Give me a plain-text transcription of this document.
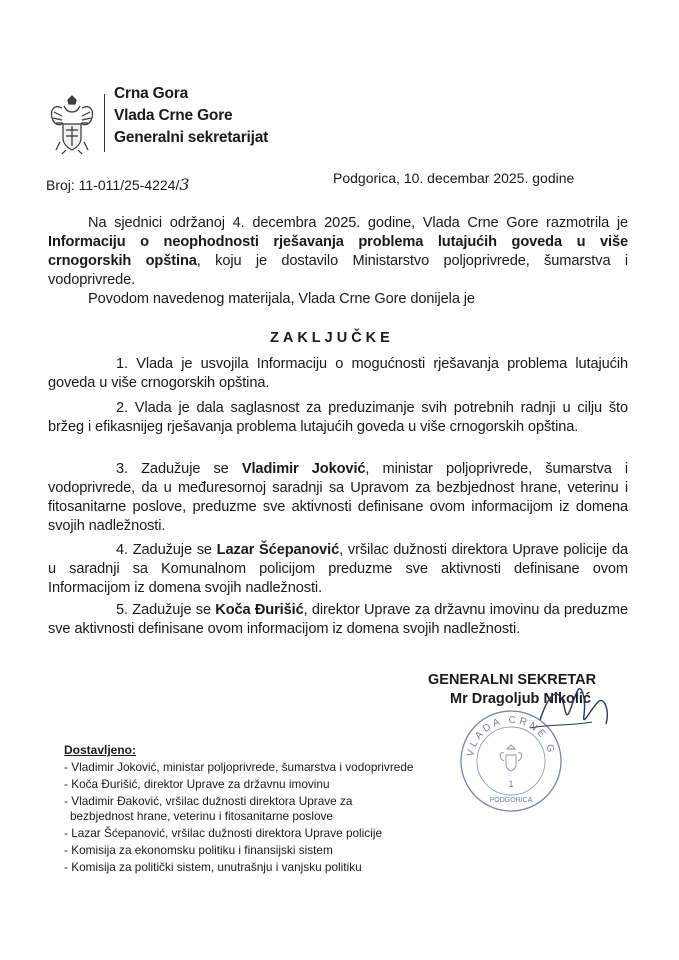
Crna Gora
Vlada Crne Gore
Generalni sekretarijat
Broj: 11-011/25-4224/3	Podgorica, 10. decembar 2025. godine
Na sjednici održanoj 4. decembra 2025. godine, Vlada Crne Gore razmotrila je Informaciju o neophodnosti rješavanja problema lutajućih goveda u više crnogorskih opština, koju je dostavilo Ministarstvo poljoprivrede, šumarstva i vodoprivrede.
Povodom navedenog materijala, Vlada Crne Gore donijela je
ZAKLJUČKE
1. Vlada je usvojila Informaciju o mogućnosti rješavanja problema lutajućih goveda u više crnogorskih opština.
2. Vlada je dala saglasnost za preduzimanje svih potrebnih radnji u cilju što bržeg i efikasnijeg rješavanja problema lutajućih goveda u više crnogorskih opština.
3. Zadužuje se Vladimir Joković, ministar poljoprivrede, šumarstva i vodoprivrede, da u međuresornoj saradnji sa Upravom za bezbjednost hrane, veterinu i fitosanitarne poslove, preduzme sve aktivnosti definisane ovom informacijom iz domena svojih nadležnosti.
4. Zadužuje se Lazar Šćepanović, vršilac dužnosti direktora Uprave policije da u saradnji sa Komunalnom policijom preduzme sve aktivnosti definisane ovom Informacijom iz domena svojih nadležnosti.
5. Zadužuje se Koča Đurišić, direktor Uprave za državnu imovinu da preduzme sve aktivnosti definisane ovom informacijom iz domena svojih nadležnosti.
GENERALNI SEKRETAR
Mr Dragoljub Nikolić
VLADA CRNE G
1
PODGORICA
Dostavljeno:
- Vladimir Joković, ministar poljoprivrede, šumarstva i vodoprivrede
- Koča Đurišić, direktor Uprave za državnu imovinu
- Vladimir Đaković, vršilac dužnosti direktora Uprave za
bezbjednost hrane, veterinu i fitosanitarne poslove
- Lazar Šćepanović, vršilac dužnosti direktora Uprave policije
- Komisija za ekonomsku politiku i finansijski sistem
- Komisija za politički sistem, unutrašnju i vanjsku politiku
